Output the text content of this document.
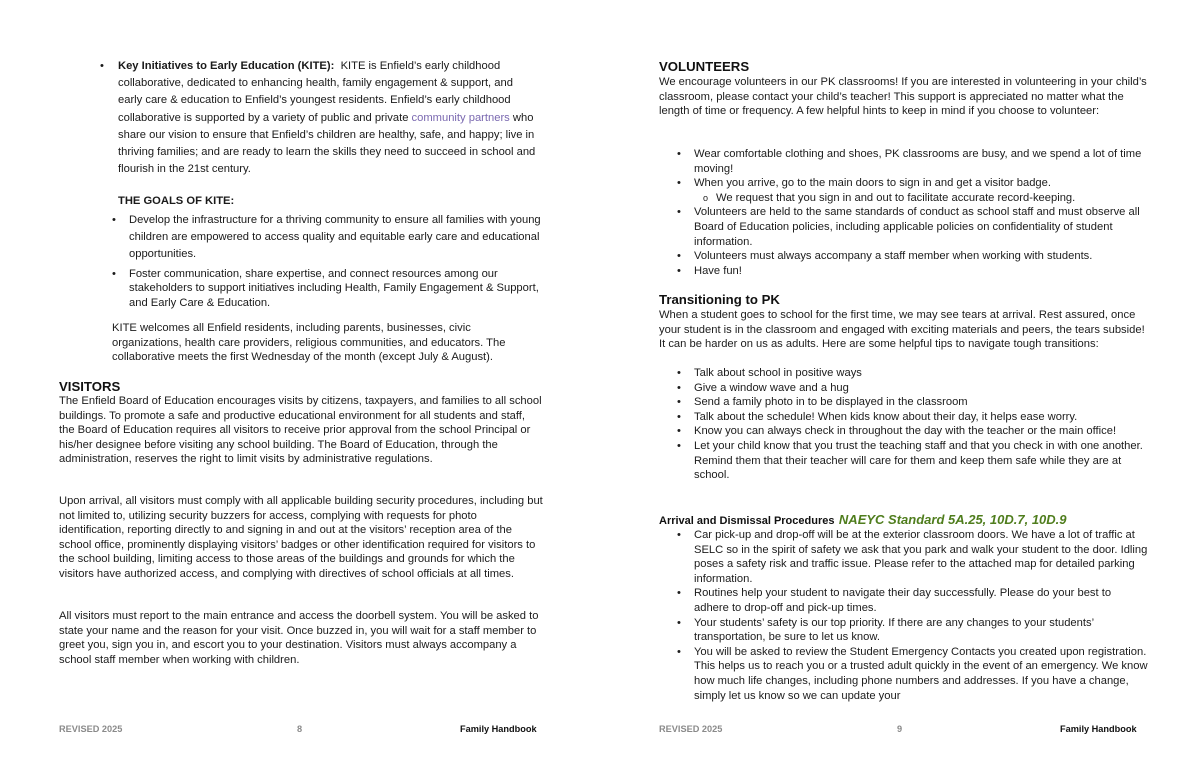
• Key Initiatives to Early Education (KITE): KITE is Enfield’s early childhood collaborative, dedicated to enhancing health, family engagement & support, and early care & education to Enfield’s youngest residents. Enfield’s early childhood collaborative is supported by a variety of public and private community partners who share our vision to ensure that Enfield’s children are healthy, safe, and happy; live in thriving families; and are ready to learn the skills they need to succeed in school and flourish in the 21st century.
THE GOALS OF KITE:
• Develop the infrastructure for a thriving community to ensure all families with young children are empowered to access quality and equitable early care and educational opportunities.
• Foster communication, share expertise, and connect resources among our stakeholders to support initiatives including Health, Family Engagement & Support, and Early Care & Education.
KITE welcomes all Enfield residents, including parents, businesses, civic organizations, health care providers, religious communities, and educators. The collaborative meets the first Wednesday of the month (except July & August).
VISITORS
The Enfield Board of Education encourages visits by citizens, taxpayers, and families to all school buildings. To promote a safe and productive educational environment for all students and staff, the Board of Education requires all visitors to receive prior approval from the school Principal or his/her designee before visiting any school building. The Board of Education, through the administration, reserves the right to limit visits by administrative regulations.
Upon arrival, all visitors must comply with all applicable building security procedures, including but not limited to, utilizing security buzzers for access, complying with requests for photo identification, reporting directly to and signing in and out at the visitors’ reception area of the school office, prominently displaying visitors’ badges or other identification required for visitors to the school building, limiting access to those areas of the buildings and grounds for which the visitors have authorized access, and complying with directives of school officials at all times.
All visitors must report to the main entrance and access the doorbell system. You will be asked to state your name and the reason for your visit. Once buzzed in, you will wait for a staff member to greet you, sign you in, and escort you to your destination. Visitors must always accompany a school staff member when working with children.
REVISED 2025	8	Family Handbook
VOLUNTEERS
We encourage volunteers in our PK classrooms! If you are interested in volunteering in your child’s classroom, please contact your child’s teacher! This support is appreciated no matter what the length of time or frequency. A few helpful hints to keep in mind if you choose to volunteer:
• Wear comfortable clothing and shoes, PK classrooms are busy, and we spend a lot of time moving!
• When you arrive, go to the main doors to sign in and get a visitor badge.
o We request that you sign in and out to facilitate accurate record-keeping.
• Volunteers are held to the same standards of conduct as school staff and must observe all Board of Education policies, including applicable policies on confidentiality of student information.
• Volunteers must always accompany a staff member when working with students.
• Have fun!
Transitioning to PK
When a student goes to school for the first time, we may see tears at arrival. Rest assured, once your student is in the classroom and engaged with exciting materials and peers, the tears subside! It can be harder on us as adults. Here are some helpful tips to navigate tough transitions:
• Talk about school in positive ways
• Give a window wave and a hug
• Send a family photo in to be displayed in the classroom
• Talk about the schedule! When kids know about their day, it helps ease worry.
• Know you can always check in throughout the day with the teacher or the main office!
• Let your child know that you trust the teaching staff and that you check in with one another. Remind them that their teacher will care for them and keep them safe while they are at school.
Arrival and Dismissal Procedures NAEYC Standard 5A.25, 10D.7, 10D.9
• Car pick-up and drop-off will be at the exterior classroom doors. We have a lot of traffic at SELC so in the spirit of safety we ask that you park and walk your student to the door. Idling poses a safety risk and traffic issue. Please refer to the attached map for detailed parking information.
• Routines help your student to navigate their day successfully. Please do your best to adhere to drop-off and pick-up times.
• Your students’ safety is our top priority. If there are any changes to your students’ transportation, be sure to let us know.
• You will be asked to review the Student Emergency Contacts you created upon registration. This helps us to reach you or a trusted adult quickly in the event of an emergency. We know how much life changes, including phone numbers and addresses. If you have a change, simply let us know so we can update your
REVISED 2025	9	Family Handbook
